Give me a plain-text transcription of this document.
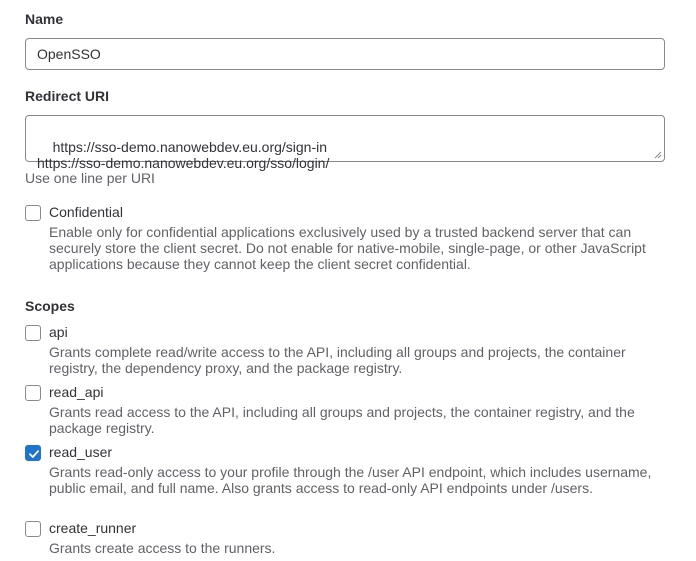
Name
OpenSSO
Redirect URI

https://sso-demo.nanowebdev.eu.org/sign-in
https://sso-demo.nanowebdev.eu.org/sso/login/

Use one line per URI
Confidential
Enable only for confidential applications exclusively used by a trusted backend server that can securely store the client secret. Do not enable for native-mobile, single-page, or other JavaScript applications because they cannot keep the client secret confidential.
Scopes
api
Grants complete read/write access to the API, including all groups and projects, the container registry, the dependency proxy, and the package registry.
read_api
Grants read access to the API, including all groups and projects, the container registry, and the package registry.
read_user
Grants read-only access to your profile through the /user API endpoint, which includes username, public email, and full name. Also grants access to read-only API endpoints under /users.
create_runner
Grants create access to the runners.
